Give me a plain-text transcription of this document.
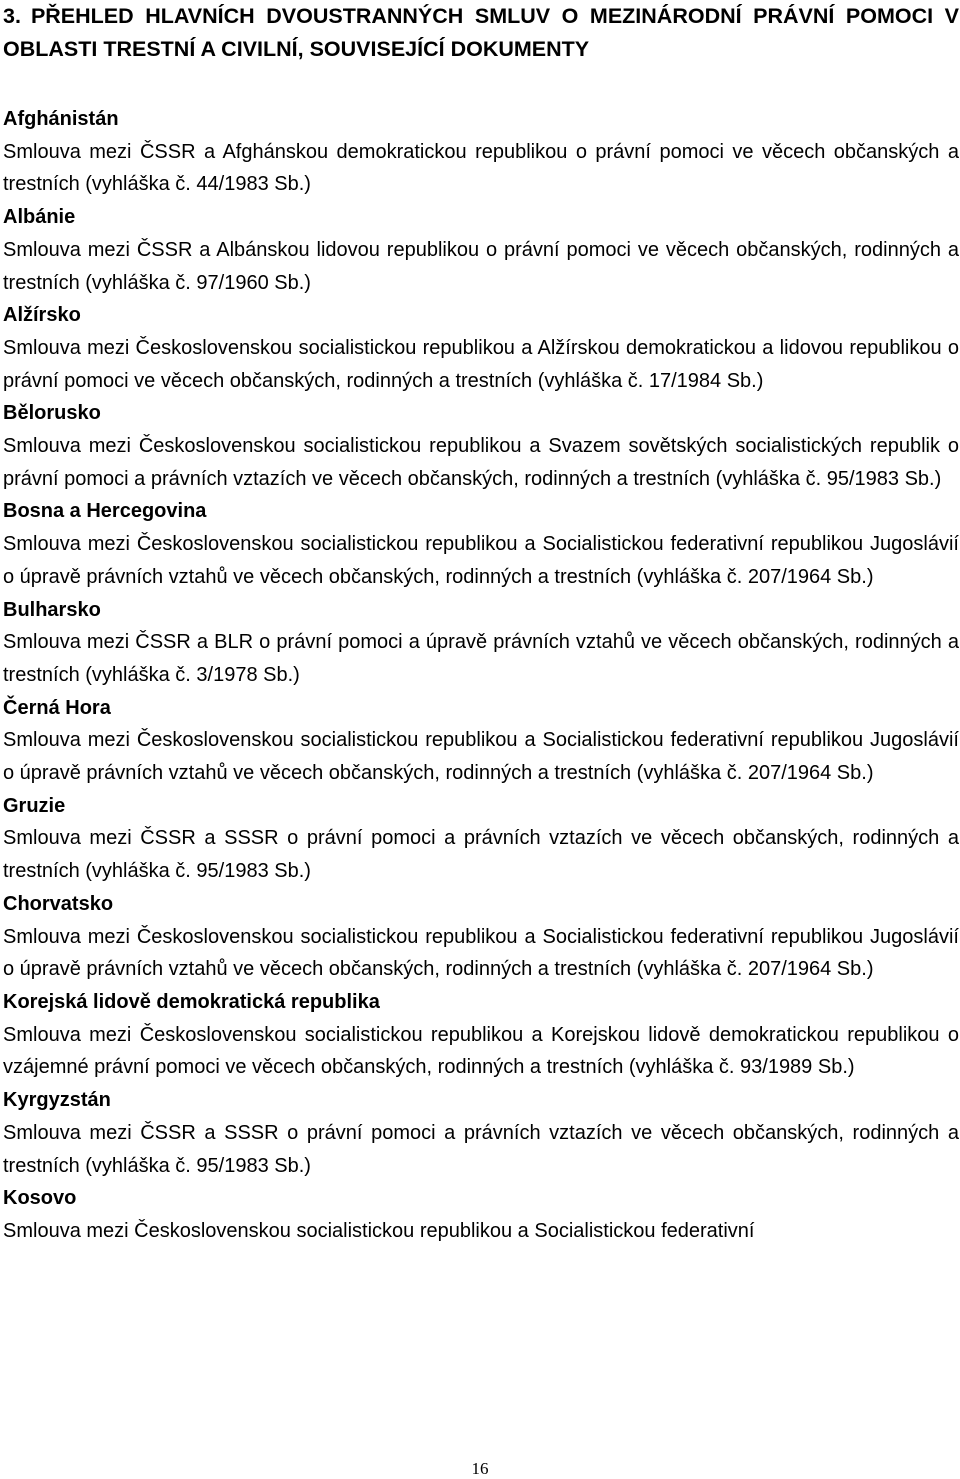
3. PŘEHLED HLAVNÍCH DVOUSTRANNÝCH SMLUV O MEZINÁRODNÍ PRÁVNÍ POMOCI V OBLASTI TRESTNÍ A CIVILNÍ, SOUVISEJÍCÍ DOKUMENTY

Afghánistán

Smlouva mezi ČSSR a Afghánskou demokratickou republikou o právní pomoci ve věcech občanských a trestních (vyhláška č. 44/1983 Sb.)

Albánie

Smlouva mezi ČSSR a Albánskou lidovou republikou o právní pomoci ve věcech občanských, rodinných a trestních (vyhláška č. 97/1960 Sb.)

Alžírsko

Smlouva mezi Československou socialistickou republikou a Alžírskou demokratickou a lidovou republikou o právní pomoci ve věcech občanských, rodinných a trestních (vyhláška č. 17/1984 Sb.)

Bělorusko

Smlouva mezi Československou socialistickou republikou a Svazem sovětských socialistických republik o právní pomoci a právních vztazích ve věcech občanských, rodinných a trestních (vyhláška č. 95/1983 Sb.)

Bosna a Hercegovina

Smlouva mezi Československou socialistickou republikou a Socialistickou federativní republikou Jugoslávií o úpravě právních vztahů ve věcech občanských, rodinných a trestních (vyhláška č. 207/1964 Sb.)

Bulharsko

Smlouva mezi ČSSR a BLR o právní pomoci a úpravě právních vztahů ve věcech občanských, rodinných a trestních (vyhláška č. 3/1978 Sb.)

Černá Hora

Smlouva mezi Československou socialistickou republikou a Socialistickou federativní republikou Jugoslávií o úpravě právních vztahů ve věcech občanských, rodinných a trestních (vyhláška č. 207/1964 Sb.)

Gruzie

Smlouva mezi ČSSR a SSSR o právní pomoci a právních vztazích ve věcech občanských, rodinných a trestních (vyhláška č. 95/1983 Sb.)

Chorvatsko

Smlouva mezi Československou socialistickou republikou a Socialistickou federativní republikou Jugoslávií o úpravě právních vztahů ve věcech občanských, rodinných a trestních (vyhláška č. 207/1964 Sb.)

Korejská lidově demokratická republika

Smlouva mezi Československou socialistickou republikou a Korejskou lidově demokratickou republikou o vzájemné právní pomoci ve věcech občanských, rodinných a trestních (vyhláška č. 93/1989 Sb.)

Kyrgyzstán

Smlouva mezi ČSSR a SSSR o právní pomoci a právních vztazích ve věcech občanských, rodinných a trestních (vyhláška č. 95/1983 Sb.)

Kosovo

Smlouva mezi Československou socialistickou republikou a Socialistickou federativní

16
